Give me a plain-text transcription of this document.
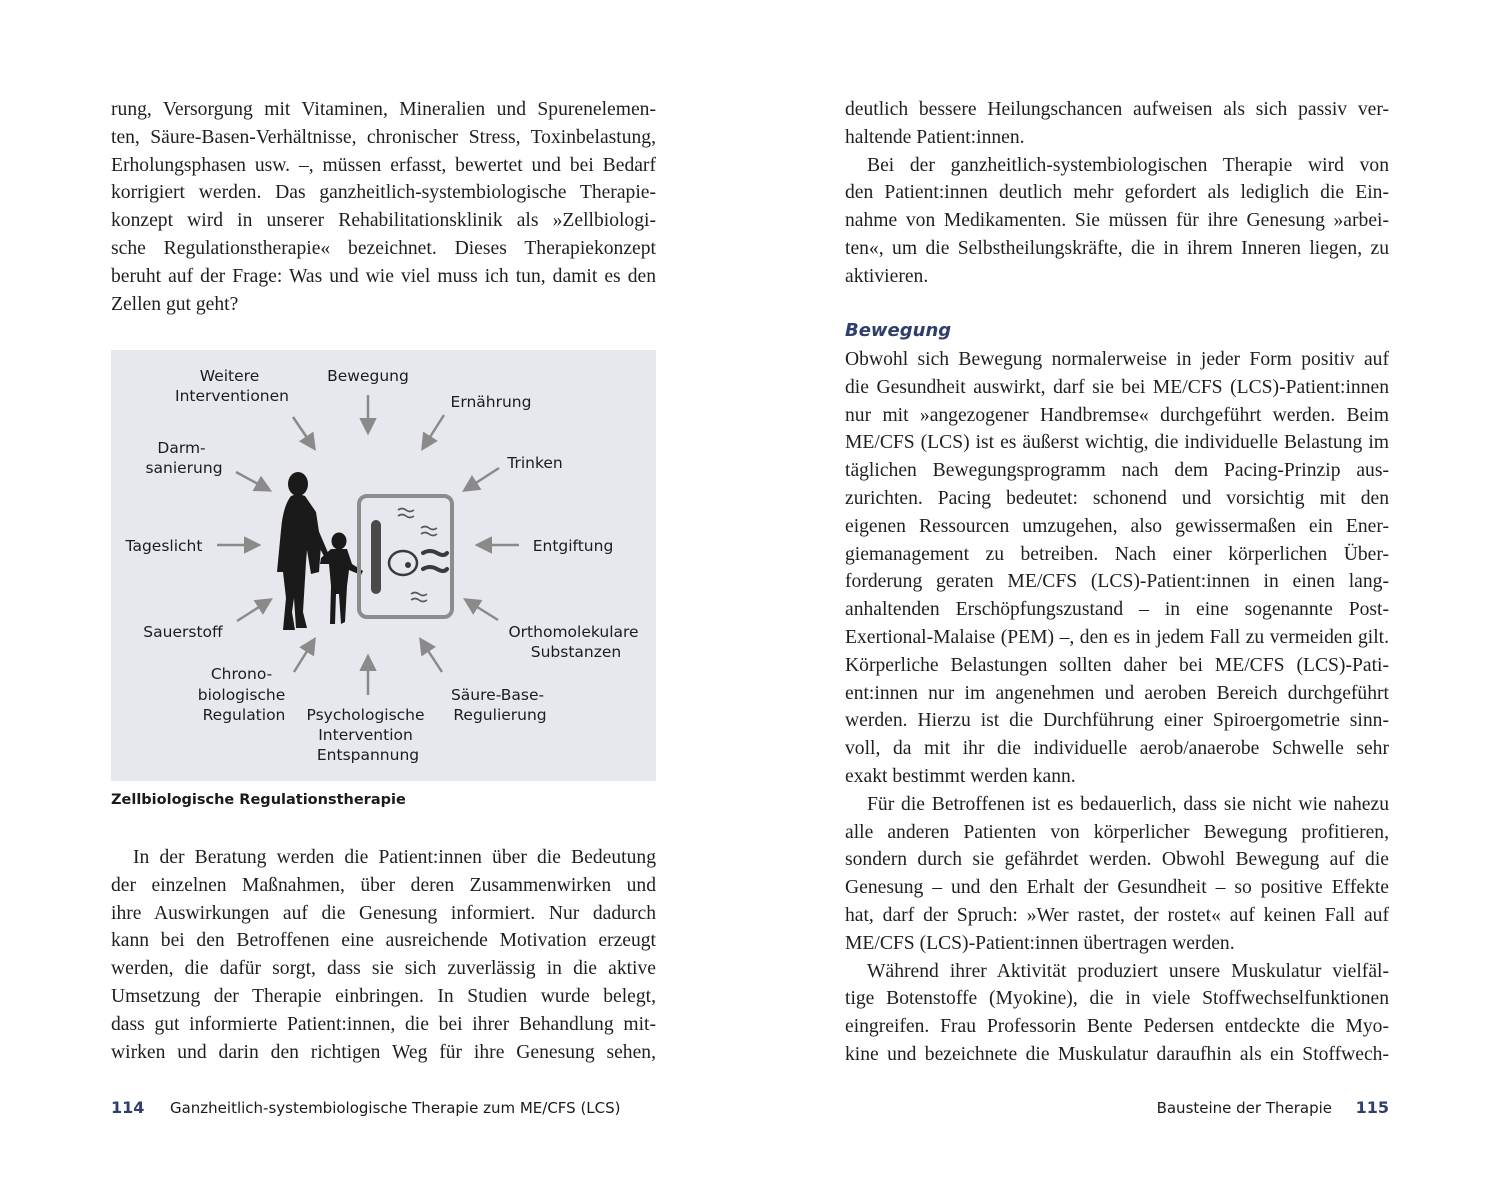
rung, Versorgung mit Vitaminen, Mineralien und Spurenelemen-
ten, Säure-Basen-Verhältnisse, chronischer Stress, Toxinbelastung,
Erholungsphasen usw. –, müssen erfasst, bewertet und bei Bedarf
korrigiert werden. Das ganzheitlich-systembiologische Therapie-
konzept wird in unserer Rehabilitationsklinik als »Zellbiologi-
sche Regulationstherapie« bezeichnet. Dieses Therapiekonzept
beruht auf der Frage: Was und wie viel muss ich tun, damit es den
Zellen gut geht?

Weitere Interventionen
Bewegung
Ernährung
Darm- sanierung	Trinken
Tageslicht	Entgiftung
Sauerstoff	Orthomolekulare Substanzen
Chrono- biologische Regulation	Psychologische Intervention Entspannung
Säure-Base- Regulierung

Zellbiologische Regulationstherapie

In der Beratung werden die Patient:innen über die Bedeutung
der einzelnen Maßnahmen, über deren Zusammenwirken und
ihre Auswirkungen auf die Genesung informiert. Nur dadurch
kann bei den Betroffenen eine ausreichende Motivation erzeugt
werden, die dafür sorgt, dass sie sich zuverlässig in die aktive
Umsetzung der Therapie einbringen. In Studien wurde belegt,
dass gut informierte Patient:innen, die bei ihrer Behandlung mit-
wirken und darin den richtigen Weg für ihre Genesung sehen,

114 Ganzheitlich-systembiologische Therapie zum ME/CFS (LCS)

deutlich bessere Heilungschancen aufweisen als sich passiv ver-
haltende Patient:innen.

Bei der ganzheitlich-systembiologischen Therapie wird von
den Patient:innen deutlich mehr gefordert als lediglich die Ein-
nahme von Medikamenten. Sie müssen für ihre Genesung »arbei-
ten«, um die Selbstheilungskräfte, die in ihrem Inneren liegen, zu
aktivieren.

Bewegung

Obwohl sich Bewegung normalerweise in jeder Form positiv auf
die Gesundheit auswirkt, darf sie bei ME/CFS (LCS)-Patient:innen
nur mit »angezogener Handbremse« durchgeführt werden. Beim
ME/CFS (LCS) ist es äußerst wichtig, die individuelle Belastung im
täglichen Bewegungsprogramm nach dem Pacing-Prinzip aus-
zurichten. Pacing bedeutet: schonend und vorsichtig mit den
eigenen Ressourcen umzugehen, also gewissermaßen ein Ener-
giemanagement zu betreiben. Nach einer körperlichen Über-
forderung geraten ME/CFS (LCS)-Patient:innen in einen lang-
anhaltenden Erschöpfungszustand – in eine sogenannte Post-
Exertional-Malaise (PEM) –, den es in jedem Fall zu vermeiden gilt.
Körperliche Belastungen sollten daher bei ME/CFS (LCS)-Pati-
ent:innen nur im angenehmen und aeroben Bereich durchgeführt
werden. Hierzu ist die Durchführung einer Spiroergometrie sinn-
voll, da mit ihr die individuelle aerob/anaerobe Schwelle sehr
exakt bestimmt werden kann.

Für die Betroffenen ist es bedauerlich, dass sie nicht wie nahezu
alle anderen Patienten von körperlicher Bewegung profitieren,
sondern durch sie gefährdet werden. Obwohl Bewegung auf die
Genesung – und den Erhalt der Gesundheit – so positive Effekte
hat, darf der Spruch: »Wer rastet, der rostet« auf keinen Fall auf
ME/CFS (LCS)-Patient:innen übertragen werden.

Während ihrer Aktivität produziert unsere Muskulatur vielfäl-
tige Botenstoffe (Myokine), die in viele Stoffwechselfunktionen
eingreifen. Frau Professorin Bente Pedersen entdeckte die Myo-
kine und bezeichnete die Muskulatur daraufhin als ein Stoffwech-

Bausteine der Therapie 115
